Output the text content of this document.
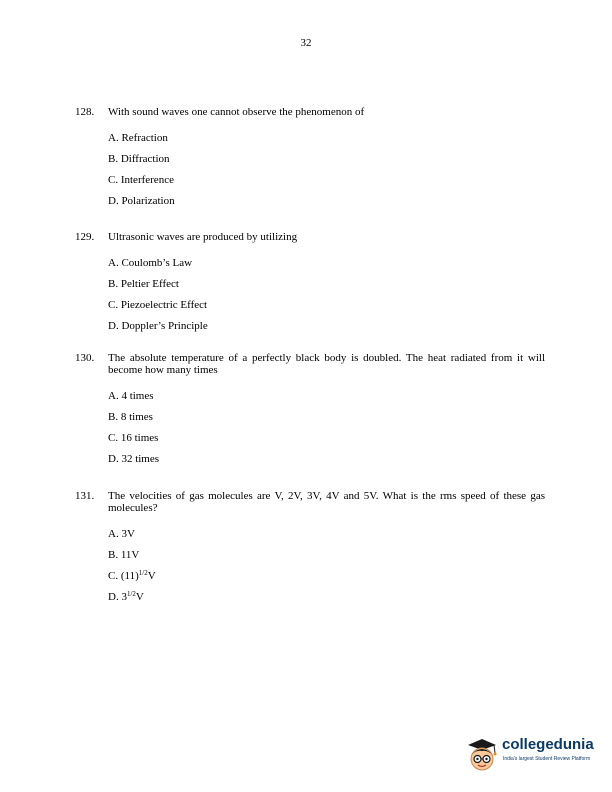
32
128.	With sound waves one cannot observe the phenomenon of
A. Refraction
B. Diffraction
C. Interference
D. Polarization
129.	Ultrasonic waves are produced by utilizing
A. Coulomb’s Law
B. Peltier Effect
C. Piezoelectric Effect
D. Doppler’s Principle
130.	The absolute temperature of a perfectly black body is doubled. The heat radiated from it will become how many times
A. 4 times
B. 8 times
C. 16 times
D. 32 times
131.	The velocities of gas molecules are V, 2V, 3V, 4V and 5V. What is the rms speed of these gas molecules?
A. 3V
B. 11V
C. $(11)^{1/2}V$
D. $3^{1/2}V$
collegedunia
India's largest Student Review Platform
